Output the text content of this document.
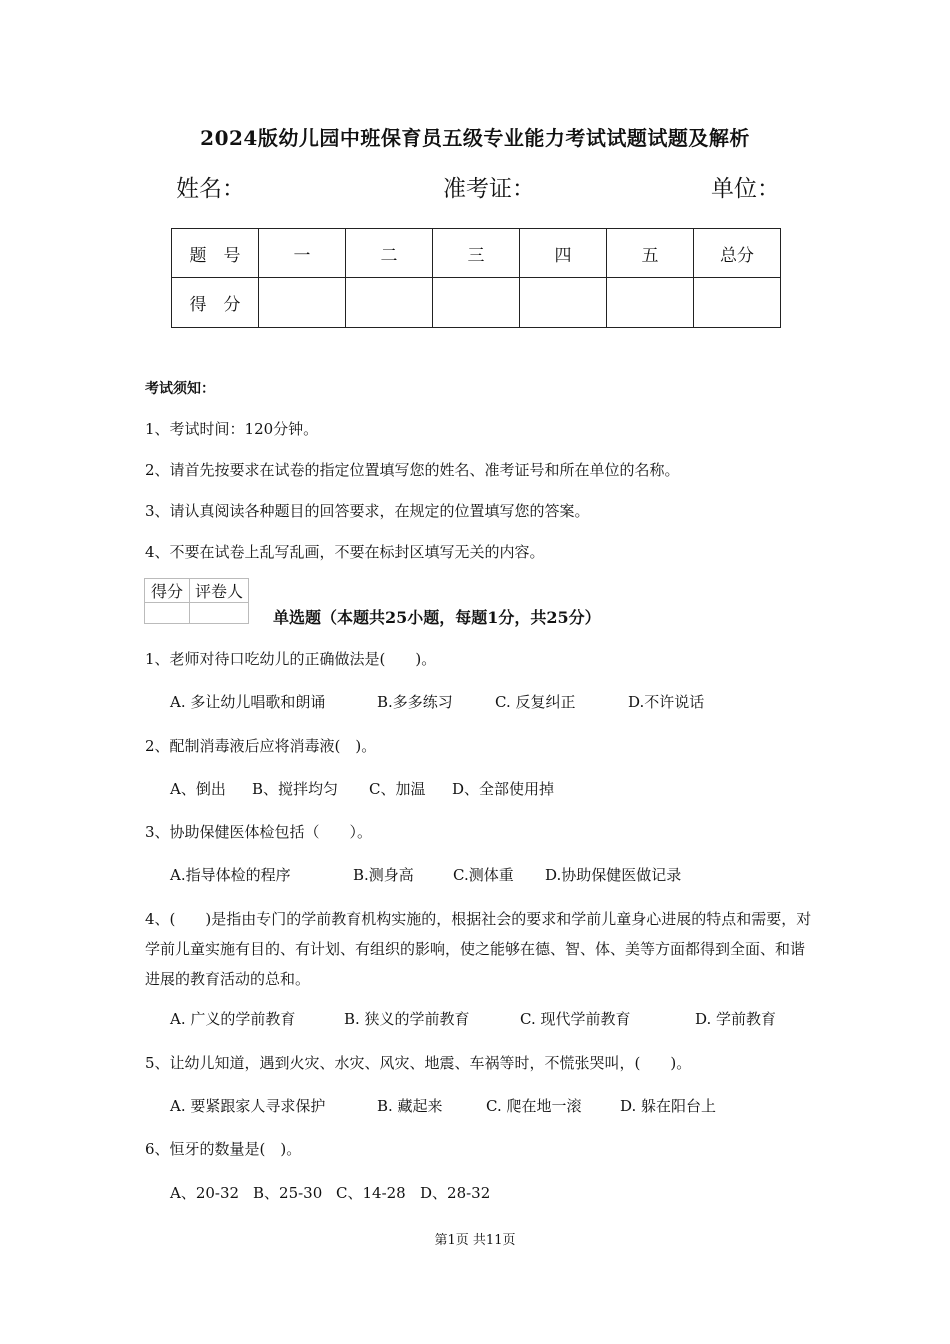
2024版幼儿园中班保育员五级专业能力考试试题试题及解析
姓名：	准考证：	单位：
题　号	一	二	三	四	五	总分
得　分						
考试须知：
1、考试时间：120分钟。
2、请首先按要求在试卷的指定位置填写您的姓名、准考证号和所在单位的名称。
3、请认真阅读各种题目的回答要求，在规定的位置填写您的答案。
4、不要在试卷上乱写乱画，不要在标封区填写无关的内容。
得分	评卷人

单选题（本题共25小题，每题1分，共25分）
1、老师对待口吃幼儿的正确做法是(　　)。
A. 多让幼儿唱歌和朗诵	B.多多练习	C. 反复纠正	D.不许说话
2、配制消毒液后应将消毒液(　)。
A、倒出 B、搅拌均匀 C、加温 D、全部使用掉
3、协助保健医体检包括（　　）。
A.指导体检的程序	B.测身高	C.测体重 D.协助保健医做记录
4、(　　)是指由专门的学前教育机构实施的，根据社会的要求和学前儿童身心进展的特点和需要，对学前儿童实施有目的、有计划、有组织的影响，使之能够在德、智、体、美等方面都得到全面、和谐进展的教育活动的总和。
A. 广义的学前教育	B. 狭义的学前教育	C. 现代学前教育	D. 学前教育
5、让幼儿知道，遇到火灾、水灾、风灾、地震、车祸等时，不慌张哭叫，(　　)。
A. 要紧跟家人寻求保护	B. 藏起来	C. 爬在地一滚	D. 躲在阳台上
6、恒牙的数量是(　)。
A、20-32 B、25-30 C、14-28 D、28-32
第1页 共11页
